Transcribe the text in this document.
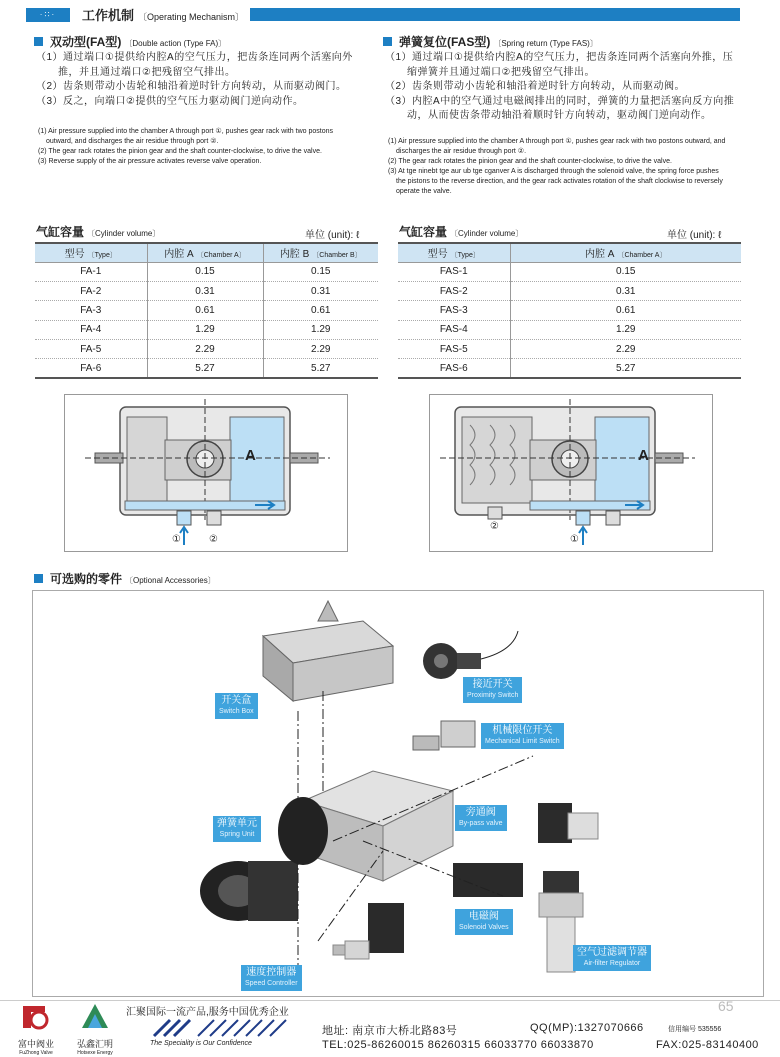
·∷·	工作机制 〔Operating Mechanism〕
双动型(FA型) 〔Double action (Type FA)〕

（1）通过端口①提供给内腔A的空气压力，把齿条连同两个活塞向外推，并且通过端口②把残留空气排出。

（2）齿条则带动小齿轮和轴沿着逆时针方向转动，从而驱动阀门。

（3）反之，向端口②提供的空气压力驱动阀门逆向动作。

(1) Air pressure supplied into the chamber A through port ①, pushes gear rack with two postons outward, and discharges the air residue through port ②.

(2) The gear rack rotates the pinion gear and the shaft counter-clockwise, to drive the valve.

(3) Reverse supply of the air pressure activates reverse valve operation.

弹簧复位(FAS型) 〔Spring return (Type FAS)〕

（1）通过端口①提供给内腔A的空气压力，把齿条连同两个活塞向外推，压缩弹簧并且通过端口②把残留空气排出。

（2）齿条则带动小齿轮和轴沿着逆时针方向转动，从而驱动阀。

（3）内腔A中的空气通过电磁阀排出的同时，弹簧的力量把活塞向反方向推动，从而使齿条带动轴沿着顺时针方向转动，驱动阀门逆向动作。

(1) Air pressure supplied into the chamber A through port ①, pushes gear rack with two postons outward, and discharges the air residue through port ②.

(2) The gear rack rotates the pinion gear and the shaft counter-clockwise, to drive the valve.

(3) At tge ninebt tge aur ub tge cganver A is discharged through the solenoid valve, the spring force pushes the pistons to the reverse direction, and the gear rack activates rotation of the shaft clockwise to reversely operate the valve.

气缸容量 〔Cylinder volume〕	单位 (unit): ℓ
型号 〔Type〕	内腔 A 〔Chamber A〕	内腔 B 〔Chamber B〕
FA-1	0.15	0.15
FA-2	0.31	0.31
FA-3	0.61	0.61
FA-4	1.29	1.29
FA-5	2.29	2.29
FA-6	5.27	5.27
气缸容量 〔Cylinder volume〕	单位 (unit): ℓ
型号 〔Type〕	内腔 A 〔Chamber A〕
FAS-1	0.15
FAS-2	0.31
FAS-3	0.61
FAS-4	1.29
FAS-5	2.29
FAS-6	5.27
A
①	②
A
②
①
可选购的零件 〔Optional Accessories〕
开关盒
Switch Box
接近开关
Proximity Switch
机械限位开关
Mechanical Limit Switch
弹簧单元
Spring Unit
旁通阀
By-pass valve
电磁阀
Solenoid Valves
速度控制器
Speed Controller
空气过滤调节器
Air-filter Regulator
65
富中阀业
FuZhong Valve
弘鑫汇明
Hotsexe Energy
汇聚国际一流产品,服务中国优秀企业
The Speciality is Our Confidence
地址: 南京市大桥北路83号	QQ(MP):1327070666	信用编号 535556
TEL:025-86260015 86260315 66033770 66033870	FAX:025-83140400
